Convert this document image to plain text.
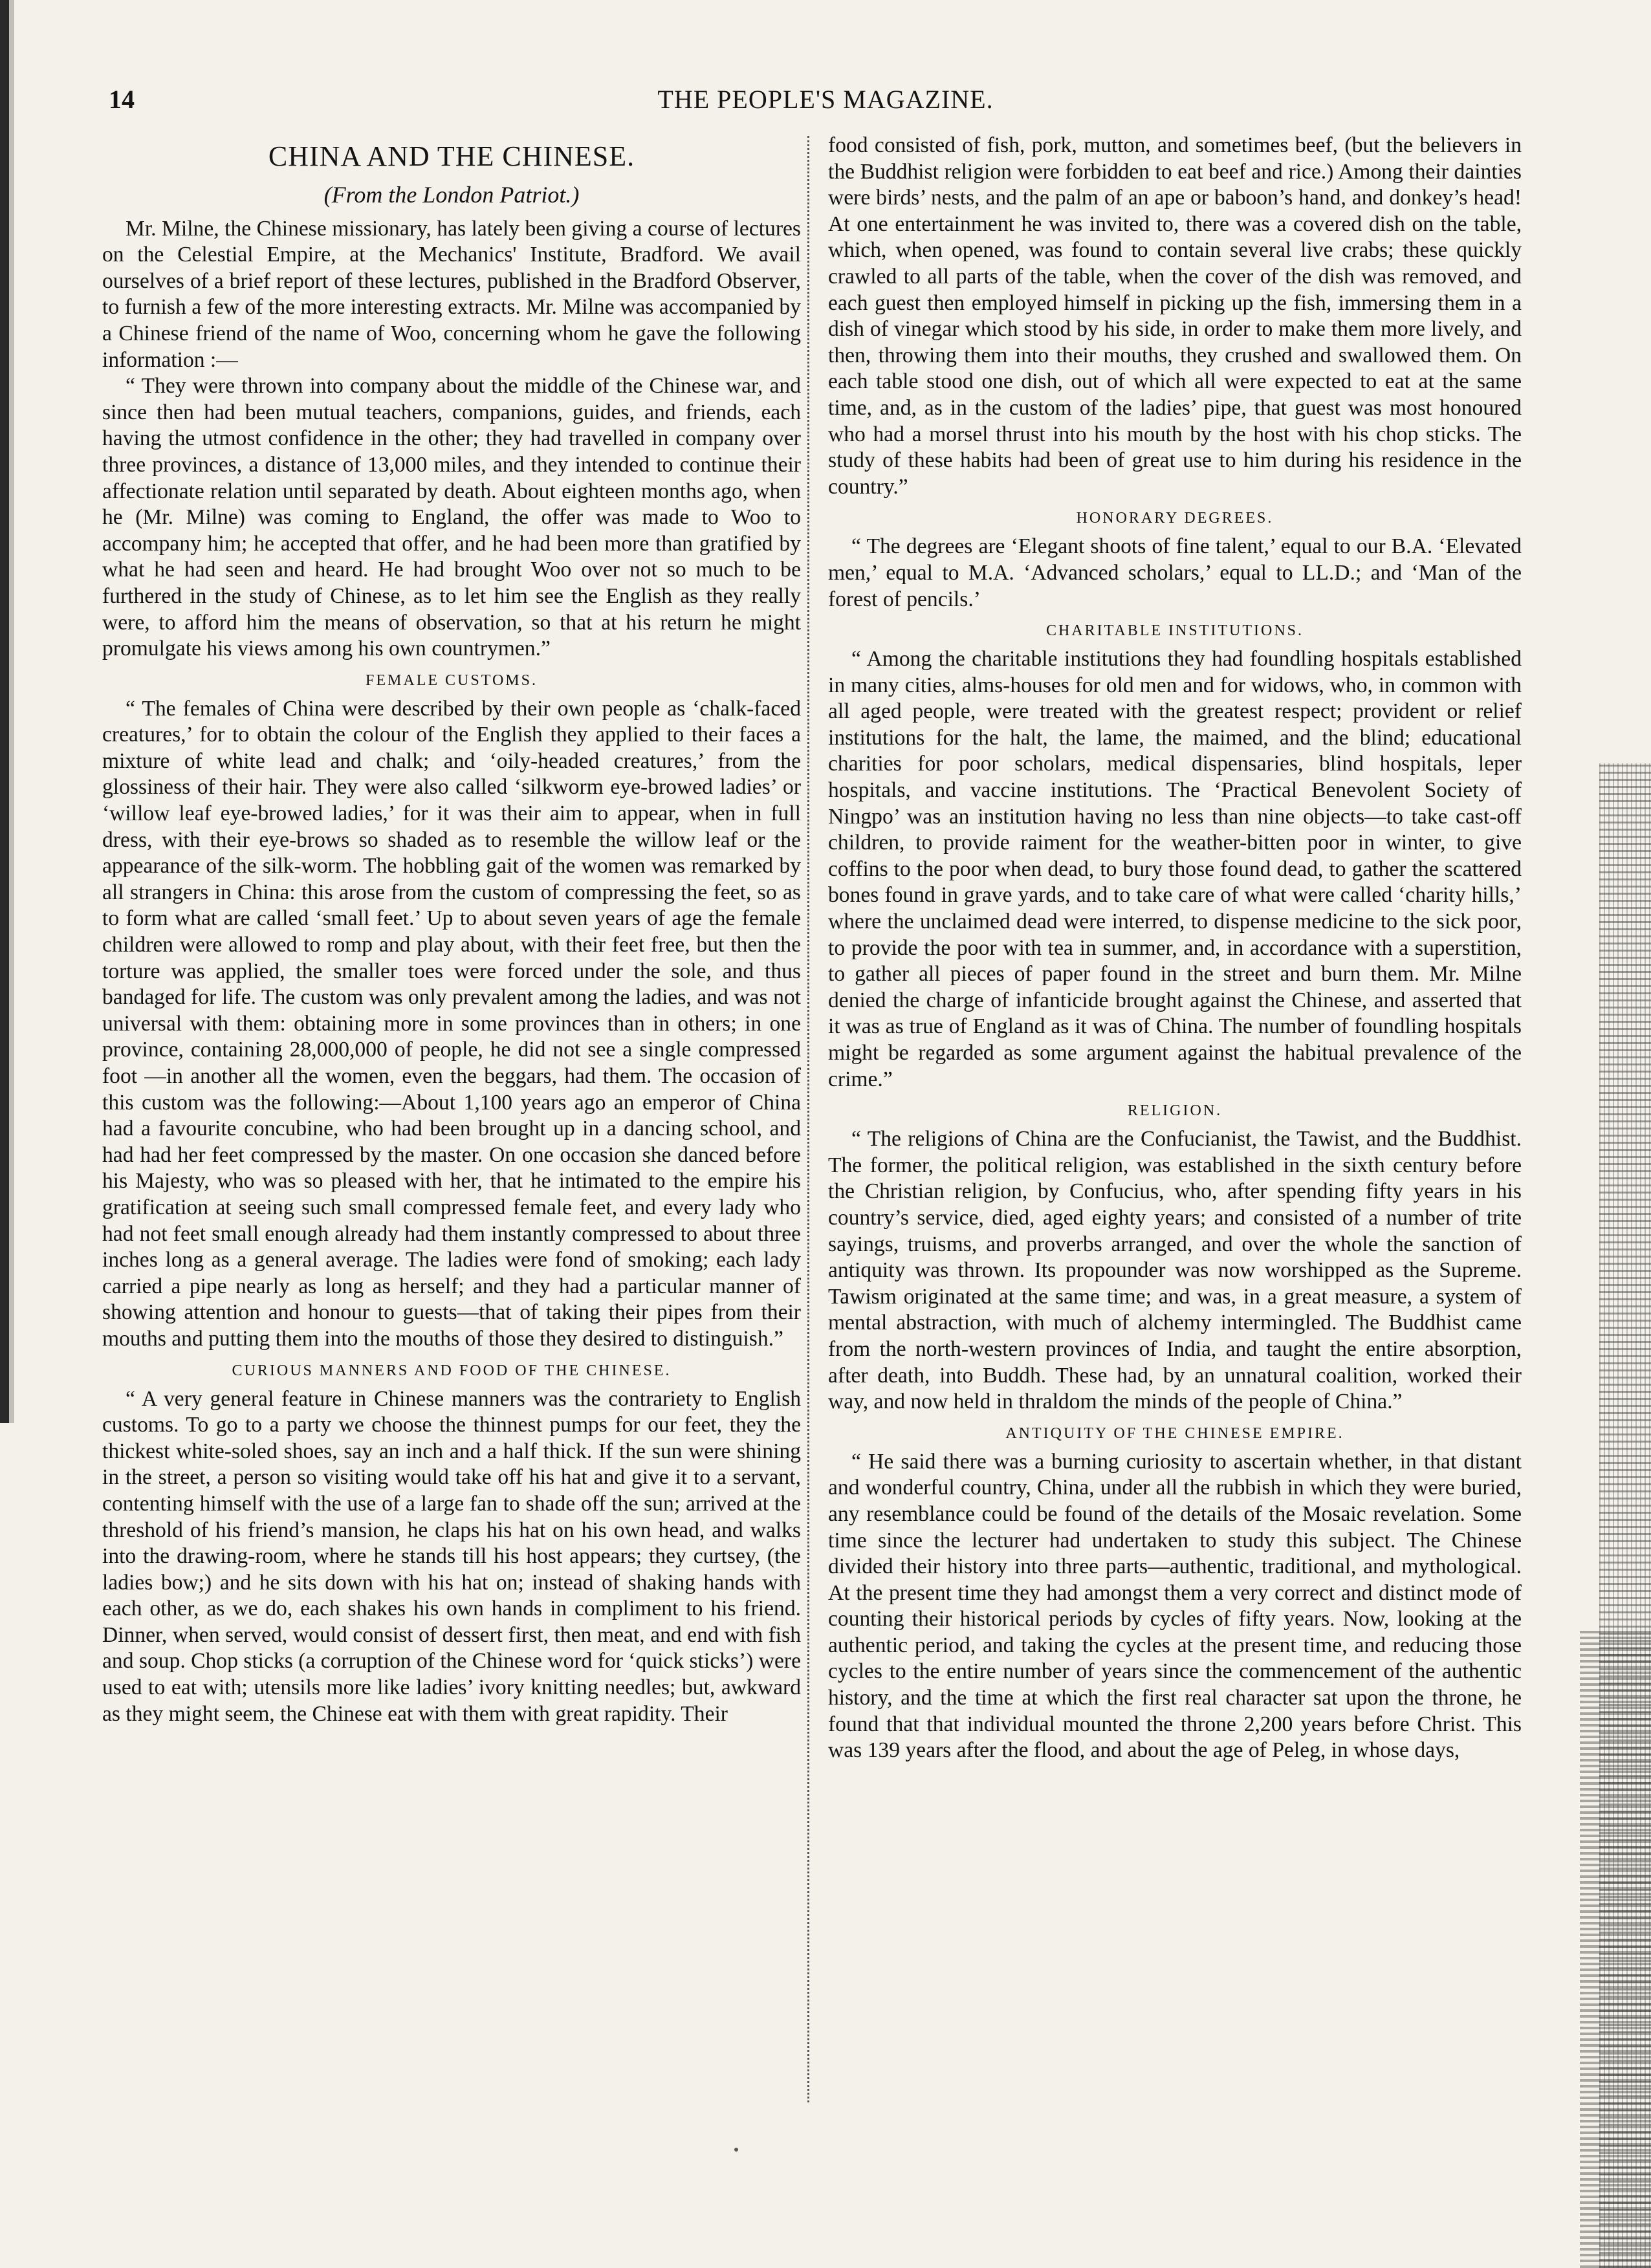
14	THE PEOPLE'S MAGAZINE.
CHINA AND THE CHINESE.
(From the London Patriot.)

Mr. Milne, the Chinese missionary, has lately been giving a course of lectures on the Celestial Empire, at the Mechanics' Institute, Bradford. We avail ourselves of a brief report of these lectures, published in the Bradford Observer, to furnish a few of the more interesting extracts. Mr. Milne was accompanied by a Chinese friend of the name of Woo, concerning whom he gave the following information :—

“ They were thrown into company about the middle of the Chinese war, and since then had been mutual teachers, companions, guides, and friends, each having the utmost confidence in the other; they had travelled in company over three provinces, a distance of 13,000 miles, and they intended to continue their affectionate relation until separated by death. About eighteen months ago, when he (Mr. Milne) was coming to England, the offer was made to Woo to accompany him; he accepted that offer, and he had been more than gratified by what he had seen and heard. He had brought Woo over not so much to be furthered in the study of Chinese, as to let him see the English as they really were, to afford him the means of observation, so that at his return he might promulgate his views among his own countrymen.”

FEMALE CUSTOMS.

“ The females of China were described by their own people as ‘chalk-faced creatures,’ for to obtain the colour of the English they applied to their faces a mixture of white lead and chalk; and ‘oily-headed creatures,’ from the glossiness of their hair. They were also called ‘silkworm eye-browed ladies’ or ‘willow leaf eye-browed ladies,’ for it was their aim to appear, when in full dress, with their eye-brows so shaded as to resemble the willow leaf or the appearance of the silk-worm. The hobbling gait of the women was remarked by all strangers in China: this arose from the custom of compressing the feet, so as to form what are called ‘small feet.’ Up to about seven years of age the female children were allowed to romp and play about, with their feet free, but then the torture was applied, the smaller toes were forced under the sole, and thus bandaged for life. The custom was only prevalent among the ladies, and was not universal with them: obtaining more in some provinces than in others; in one province, containing 28,000,000 of people, he did not see a single compressed foot —in another all the women, even the beggars, had them. The occasion of this custom was the following:—About 1,100 years ago an emperor of China had a favourite concubine, who had been brought up in a dancing school, and had had her feet compressed by the master. On one occasion she danced before his Majesty, who was so pleased with her, that he intimated to the empire his gratification at seeing such small compressed female feet, and every lady who had not feet small enough already had them instantly compressed to about three inches long as a general average. The ladies were fond of smoking; each lady carried a pipe nearly as long as herself; and they had a particular manner of showing attention and honour to guests—that of taking their pipes from their mouths and putting them into the mouths of those they desired to distinguish.”

CURIOUS MANNERS AND FOOD OF THE CHINESE.

“ A very general feature in Chinese manners was the contrariety to English customs. To go to a party we choose the thinnest pumps for our feet, they the thickest white-soled shoes, say an inch and a half thick. If the sun were shining in the street, a person so visiting would take off his hat and give it to a servant, contenting himself with the use of a large fan to shade off the sun; arrived at the threshold of his friend’s mansion, he claps his hat on his own head, and walks into the drawing-room, where he stands till his host appears; they curtsey, (the ladies bow;) and he sits down with his hat on; instead of shaking hands with each other, as we do, each shakes his own hands in compliment to his friend. Dinner, when served, would consist of dessert first, then meat, and end with fish and soup. Chop sticks (a corruption of the Chinese word for ‘quick sticks’) were used to eat with; utensils more like ladies’ ivory knitting needles; but, awkward as they might seem, the Chinese eat with them with great rapidity. Their

food consisted of fish, pork, mutton, and sometimes beef, (but the believers in the Buddhist religion were forbidden to eat beef and rice.) Among their dainties were birds’ nests, and the palm of an ape or baboon’s hand, and donkey’s head! At one entertainment he was invited to, there was a covered dish on the table, which, when opened, was found to contain several live crabs; these quickly crawled to all parts of the table, when the cover of the dish was removed, and each guest then employed himself in picking up the fish, immersing them in a dish of vinegar which stood by his side, in order to make them more lively, and then, throwing them into their mouths, they crushed and swallowed them. On each table stood one dish, out of which all were expected to eat at the same time, and, as in the custom of the ladies’ pipe, that guest was most honoured who had a morsel thrust into his mouth by the host with his chop sticks. The study of these habits had been of great use to him during his residence in the country.”

HONORARY DEGREES.

“ The degrees are ‘Elegant shoots of fine talent,’ equal to our B.A. ‘Elevated men,’ equal to M.A. ‘Advanced scholars,’ equal to LL.D.; and ‘Man of the forest of pencils.’

CHARITABLE INSTITUTIONS.

“ Among the charitable institutions they had foundling hospitals established in many cities, alms-houses for old men and for widows, who, in common with all aged people, were treated with the greatest respect; provident or relief institutions for the halt, the lame, the maimed, and the blind; educational charities for poor scholars, medical dispensaries, blind hospitals, leper hospitals, and vaccine institutions. The ‘Practical Benevolent Society of Ningpo’ was an institution having no less than nine objects—to take cast-off children, to provide raiment for the weather-bitten poor in winter, to give coffins to the poor when dead, to bury those found dead, to gather the scattered bones found in grave yards, and to take care of what were called ‘charity hills,’ where the unclaimed dead were interred, to dispense medicine to the sick poor, to provide the poor with tea in summer, and, in accordance with a superstition, to gather all pieces of paper found in the street and burn them. Mr. Milne denied the charge of infanticide brought against the Chinese, and asserted that it was as true of England as it was of China. The number of foundling hospitals might be regarded as some argument against the habitual prevalence of the crime.”

RELIGION.

“ The religions of China are the Confucianist, the Tawist, and the Buddhist. The former, the political religion, was established in the sixth century before the Christian religion, by Confucius, who, after spending fifty years in his country’s service, died, aged eighty years; and consisted of a number of trite sayings, truisms, and proverbs arranged, and over the whole the sanction of antiquity was thrown. Its propounder was now worshipped as the Supreme. Tawism originated at the same time; and was, in a great measure, a system of mental abstraction, with much of alchemy intermingled. The Buddhist came from the north-western provinces of India, and taught the entire absorption, after death, into Buddh. These had, by an unnatural coalition, worked their way, and now held in thraldom the minds of the people of China.”

ANTIQUITY OF THE CHINESE EMPIRE.

“ He said there was a burning curiosity to ascertain whether, in that distant and wonderful country, China, under all the rubbish in which they were buried, any resemblance could be found of the details of the Mosaic revelation. Some time since the lecturer had undertaken to study this subject. The Chinese divided their history into three parts—authentic, traditional, and mythological. At the present time they had amongst them a very correct and distinct mode of counting their historical periods by cycles of fifty years. Now, looking at the authentic period, and taking the cycles at the present time, and reducing those cycles to the entire number of years since the commencement of the authentic history, and the time at which the first real character sat upon the throne, he found that that individual mounted the throne 2,200 years before Christ. This was 139 years after the flood, and about the age of Peleg, in whose days,
